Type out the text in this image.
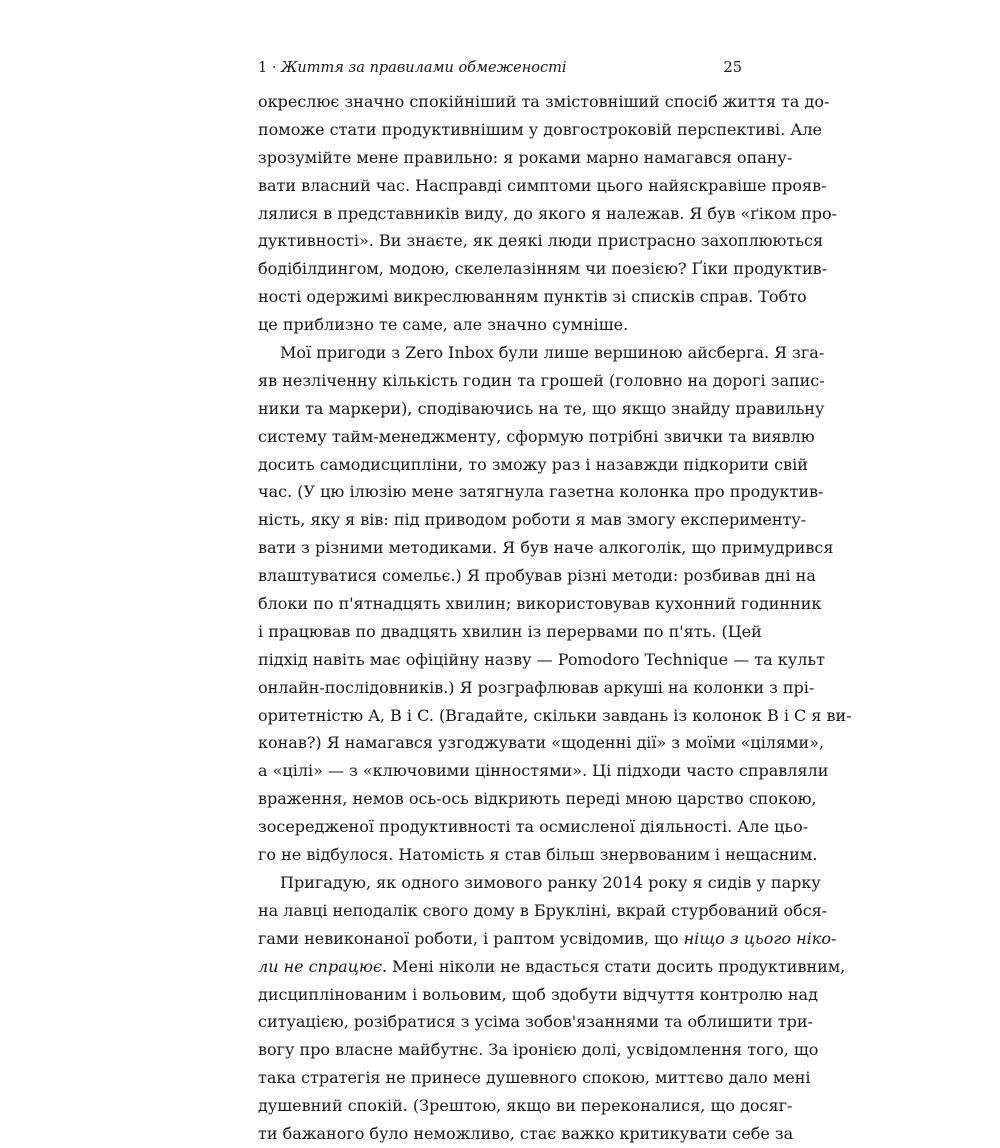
1 · Життя за правилами обмеженості	25
окреслює значно спокійніший та змістовніший спосіб життя та до-
поможе стати продуктивнішим у довгостроковій перспективі. Але
зрозумійте мене правильно: я роками марно намагався опану-
вати власний час. Насправді симптоми цього найяскравіше прояв-
лялися в представників виду, до якого я належав. Я був «ґіком про-
дуктивності». Ви знаєте, як деякі люди пристрасно захоплюються
бодібілдингом, модою, скелелазінням чи поезією? Ґіки продуктив-
ності одержимі викреслюванням пунктів зі списків справ. Тобто
це приблизно те саме, але значно сумніше.
Мої пригоди з Zero Inbox були лише вершиною айсберга. Я зга-
яв незліченну кількість годин та грошей (головно на дорогі запис-
ники та маркери), сподіваючись на те, що якщо знайду правильну
систему тайм-менеджменту, сформую потрібні звички та виявлю
досить самодисципліни, то зможу раз і назавжди підкорити свій
час. (У цю ілюзію мене затягнула газетна колонка про продуктив-
ність, яку я вів: під приводом роботи я мав змогу експерименту-
вати з різними методиками. Я був наче алкоголік, що примудрився
влаштуватися сомельє.) Я пробував різні методи: розбивав дні на
блоки по п'ятнадцять хвилин; використовував кухонний годинник
і працював по двадцять хвилин із перервами по п'ять. (Цей
підхід навіть має офіційну назву — Pomodoro Technique — та культ
онлайн-послідовників.) Я розграфлював аркуші на колонки з прі-
оритетністю A, B і C. (Вгадайте, скільки завдань із колонок B і C я ви-
конав?) Я намагався узгоджувати «щоденні дії» з моїми «цілями»,
а «цілі» — з «ключовими цінностями». Ці підходи часто справляли
враження, немов ось-ось відкриють переді мною царство спокою,
зосередженої продуктивності та осмисленої діяльності. Але цьо-
го не відбулося. Натомість я став більш знервованим і нещасним.
Пригадую, як одного зимового ранку 2014 року я сидів у парку
на лавці неподалік свого дому в Брукліні, вкрай стурбований обся-
гами невиконаної роботи, і раптом усвідомив, що ніщо з цього ніко-
ли не спрацює. Мені ніколи не вдасться стати досить продуктивним,
дисциплінованим і вольовим, щоб здобути відчуття контролю над
ситуацією, розібратися з усіма зобов'язаннями та облишити три-
вогу про власне майбутнє. За іронією долі, усвідомлення того, що
така стратегія не принесе душевного спокою, миттєво дало мені
душевний спокій. (Зрештою, якщо ви переконалися, що досяг-
ти бажаного було неможливо, стає важко критикувати себе за
